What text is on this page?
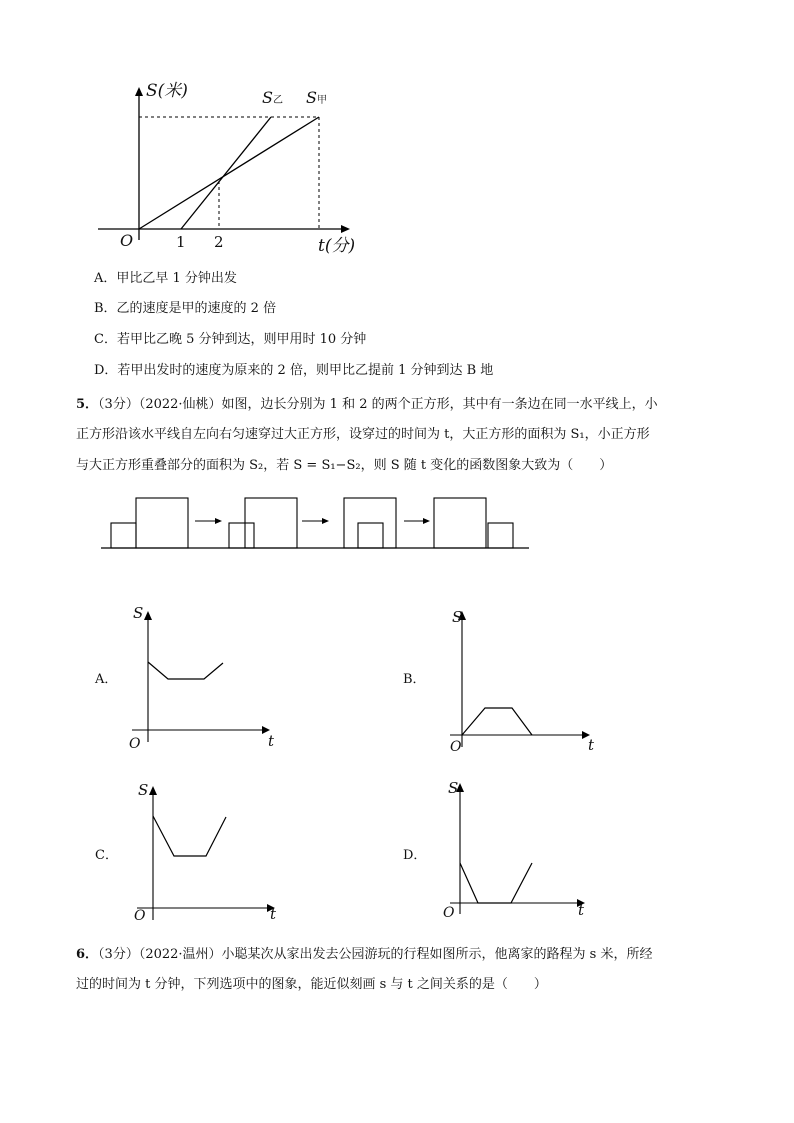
S(米)
t(分)
O	1 2
S乙 S甲
A．甲比乙早 1 分钟出发
B．乙的速度是甲的速度的 2 倍
C．若甲比乙晚 5 分钟到达，则甲用时 10 分钟
D．若甲出发时的速度为原来的 2 倍，则甲比乙提前 1 分钟到达 B 地
5．（3分）（2022·仙桃）如图，边长分别为 1 和 2 的两个正方形，其中有一条边在同一水平线上，小
正方形沿该水平线自左向右匀速穿过大正方形，设穿过的时间为 t，大正方形的面积为 S₁，小正方形
与大正方形重叠部分的面积为 S₂，若 S = S₁−S₂，则 S 随 t 变化的函数图象大致为（　　）
A．
S
t
O
B．
S
t
O
C．
S
t
O
D．
S
t
O
6．（3分）（2022·温州）小聪某次从家出发去公园游玩的行程如图所示，他离家的路程为 s 米，所经
过的时间为 t 分钟，下列选项中的图象，能近似刻画 s 与 t 之间关系的是（　　）
